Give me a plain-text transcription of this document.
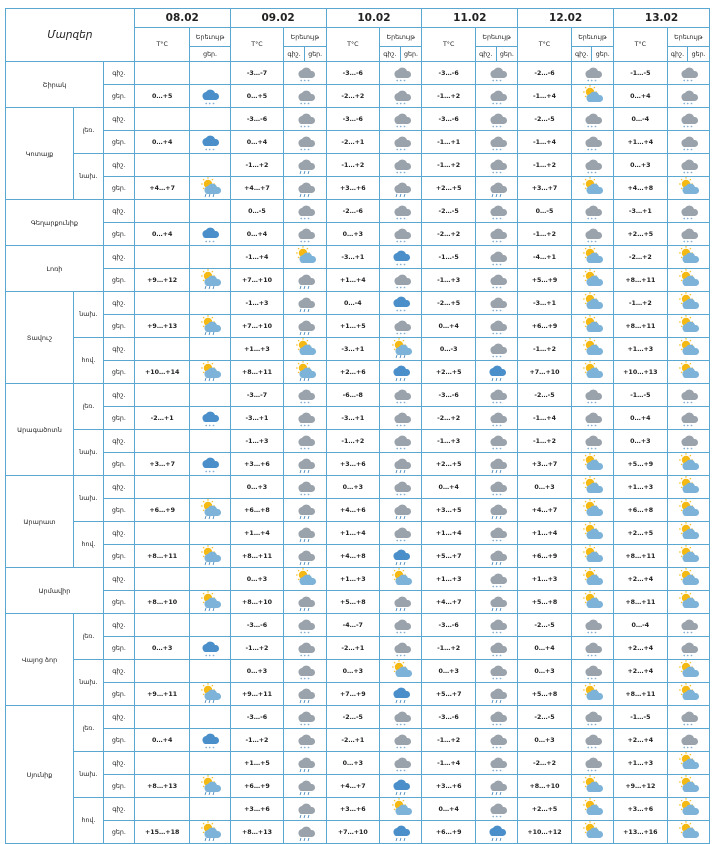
Մարզեր			08.02		09.02			10.02			11.02			12.02			13.02		
			T°C	Երեւույթ	T°C	Երեւույթ		T°C	Երեւույթ		T°C	Երեւույթ		T°C	Երեւույթ		T°C	Երեւույթ	
				ցեր.		գիշ.	ցեր.		գիշ.	ցեր.		գիշ.	ցեր.		գիշ.	ցեր.		գիշ.	ցեր.
Շիրակ		գիշ.			-3…-7	* * *		-3…-6	* * *		-3…-6	* * *		-2…-6	* * *		-1…-5	* * *	

		ցեր.	0…+5	* * *	0…+5	* * *		-2…+2	* * *		-1…+2	* * *		-1…+4			0…+4	* * *	

Կոտայք	լեռ.	գիշ.			-3…-6	* * *		-3…-6	* * *		-3…-6	* * *		-2…-5	* * *		0…-4	* * *	

		ցեր.	0…+4	* * *	0…+4	* * *		-2…+1	* * *		-1…+1	* * *		-1…+4	* * *		+1…+4	* * *	

	նախ.	գիշ.			-1…+2			-1…+2	* * *		-1…+2	* * *		-1…+2	* * *		0…+3	* * *	

		ցեր.	+4…+7		+4…+7			+3…+6			+2…+5			+3…+7			+4…+8	

Գեղարքունիք		գիշ.			0…-5	* * *		-2…-6	* * *		-2…-5	* * *		0…-5	* * *		-3…+1	* * *	

		ցեր.	0…+4	* * *	0…+4	* * *		0…+3	* * *		-2…+2	* * *		-1…+2	* * *		+2…+5	* * *	

Լոռի		գիշ.			-1…+4			-3…+1	* * *		-1…-5	* * *		-4…+1			-2…+2	

		ցեր.	+9…+12		+7…+10			+1…+4	* * *		-1…+3	* * *		+5…+9			+8…+11	

Տավուշ	նախ.	գիշ.			-1…+3			0…-4	* * *		-2…+5	* * *		-3…+1			-1…+2	

		ցեր.	+9…+13		+7…+10			+1…+5	* * *		0…+4	* * *		+6…+9			+8…+11	

	հով.	գիշ.			+1…+3			-3…+1			0…-3	* * *		-1…+2			+1…+3	

		ցեր.	+10…+14		+8…+11			+2…+6			+2…+5			+7…+10			+10…+13	

Արագածոտն	լեռ.	գիշ.			-3…-7	* * *		-6…-8	* * *		-3…-6	* * *		-2…-5	* * *		-1…-5	* * *	

		ցեր.	-2…+1	* * *	-3…+1	* * *		-3…+1	* * *		-2…+2	* * *		-1…+4	* * *		0…+4	* * *	

	նախ.	գիշ.			-1…+3	* * *		-1…+2	* * *		-1…+3	* * *		-1…+2	* * *		0…+3	* * *	

		ցեր.	+3…+7	* * *	+3…+6			+3…+6			+2…+5			+3…+7			+5…+9	

Արարատ	նախ.	գիշ.			0…+3	* * *		0…+3	* * *		0…+4	* * *		0…+3			+1…+3	

		ցեր.	+6…+9		+6…+8			+4…+6			+3…+5			+4…+7			+6…+8	

	հով.	գիշ.			+1…+4			+1…+4	* * *		+1…+4	* * *		+1…+4			+2…+5	

		ցեր.	+8…+11		+8…+11			+4…+8			+5…+7			+6…+9			+8…+11	

Արմավիր		գիշ.			0…+3			+1…+3			+1…+3	* * *		+1…+3			+2…+4	

		ցեր.	+8…+10		+8…+10			+5…+8			+4…+7			+5…+8			+8…+11	

Վայոց ձոր	լեռ.	գիշ.			-3…-6	* * *		-4…-7	* * *		-3…-6	* * *		-2…-5	* * *		0…-4	* * *	

		ցեր.	0…+3	* * *	-1…+2	* * *		-2…+1	* * *		-1…+2	* * *		0…+4	* * *		+2…+4	* * *	

	նախ.	գիշ.			0…+3	* * *		0…+3			0…+3	* * *		0…+3	* * *		+2…+4	

		ցեր.	+9…+11		+9…+11			+7…+9			+5…+7			+5…+8			+8…+11	

Սյունիք	լեռ.	գիշ.			-3…-6	* * *		-2…-5	* * *		-3…-6	* * *		-2…-5	* * *		-1…-5	* * *	

		ցեր.	0…+4	* * *	-1…+2	* * *		-2…+1	* * *		-1…+2	* * *		0…+3	* * *		+2…+4	* * *	

	նախ.	գիշ.			+1…+5			0…+3	* * *		-1…+4	* * *		-2…+2	* * *		+1…+3	

		ցեր.	+8…+13		+6…+9			+4…+7			+3…+6			+8…+10			+9…+12	

	հով.	գիշ.			+3…+6			+3…+6			0…+4	* * *		+2…+5			+3…+6	

		ցեր.	+15…+18		+8…+13			+7…+10			+6…+9			+10…+12			+13…+16	
